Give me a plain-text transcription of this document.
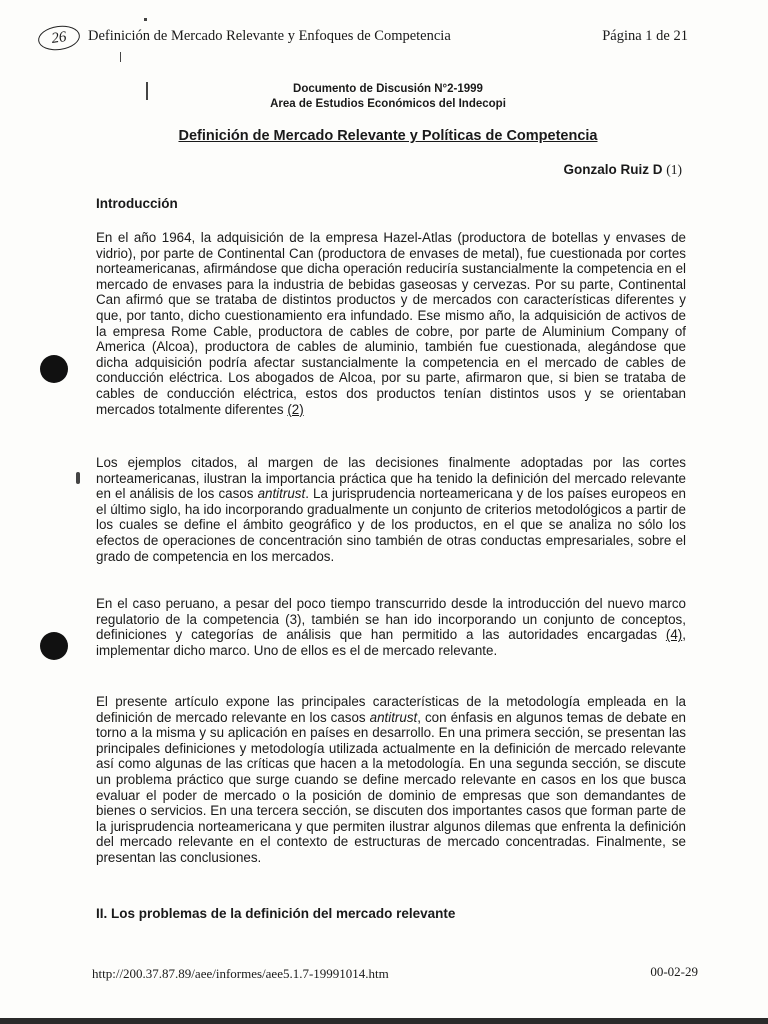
26	Definición de Mercado Relevante y Enfoques de Competencia	Página 1 de 21
Documento de Discusión N°2-1999
Area de Estudios Económicos del Indecopi
Definición de Mercado Relevante y Políticas de Competencia
Gonzalo Ruiz D (1)
Introducción

En el año 1964, la adquisición de la empresa Hazel-Atlas (productora de botellas y envases de vidrio), por parte de Continental Can (productora de envases de metal), fue cuestionada por cortes norteamericanas, afirmándose que dicha operación reduciría sustancialmente la competencia en el mercado de envases para la industria de bebidas gaseosas y cervezas. Por su parte, Continental Can afirmó que se trataba de distintos productos y de mercados con características diferentes y que, por tanto, dicho cuestionamiento era infundado. Ese mismo año, la adquisición de activos de la empresa Rome Cable, productora de cables de cobre, por parte de Aluminium Company of America (Alcoa), productora de cables de aluminio, también fue cuestionada, alegándose que dicha adquisición podría afectar sustancialmente la competencia en el mercado de cables de conducción eléctrica. Los abogados de Alcoa, por su parte, afirmaron que, si bien se trataba de cables de conducción eléctrica, estos dos productos tenían distintos usos y se orientaban mercados totalmente diferentes (2)

Los ejemplos citados, al margen de las decisiones finalmente adoptadas por las cortes norteamericanas, ilustran la importancia práctica que ha tenido la definición del mercado relevante en el análisis de los casos antitrust. La jurisprudencia norteamericana y de los países europeos en el último siglo, ha ido incorporando gradualmente un conjunto de criterios metodológicos a partir de los cuales se define el ámbito geográfico y de los productos, en el que se analiza no sólo los efectos de operaciones de concentración sino también de otras conductas empresariales, sobre el grado de competencia en los mercados.

En el caso peruano, a pesar del poco tiempo transcurrido desde la introducción del nuevo marco regulatorio de la competencia (3), también se han ido incorporando un conjunto de conceptos, definiciones y categorías de análisis que han permitido a las autoridades encargadas (4), implementar dicho marco. Uno de ellos es el de mercado relevante.

El presente artículo expone las principales características de la metodología empleada en la definición de mercado relevante en los casos antitrust, con énfasis en algunos temas de debate en torno a la misma y su aplicación en países en desarrollo. En una primera sección, se presentan las principales definiciones y metodología utilizada actualmente en la definición de mercado relevante así como algunas de las críticas que hacen a la metodología. En una segunda sección, se discute un problema práctico que surge cuando se define mercado relevante en casos en los que busca evaluar el poder de mercado o la posición de dominio de empresas que son demandantes de bienes o servicios. En una tercera sección, se discuten dos importantes casos que forman parte de la jurisprudencia norteamericana y que permiten ilustrar algunos dilemas que enfrenta la definición del mercado relevante en el contexto de estructuras de mercado concentradas. Finalmente, se presentan las conclusiones.

II. Los problemas de la definición del mercado relevante
http://200.37.87.89/aee/informes/aee5.1.7-19991014.htm	00-02-29
